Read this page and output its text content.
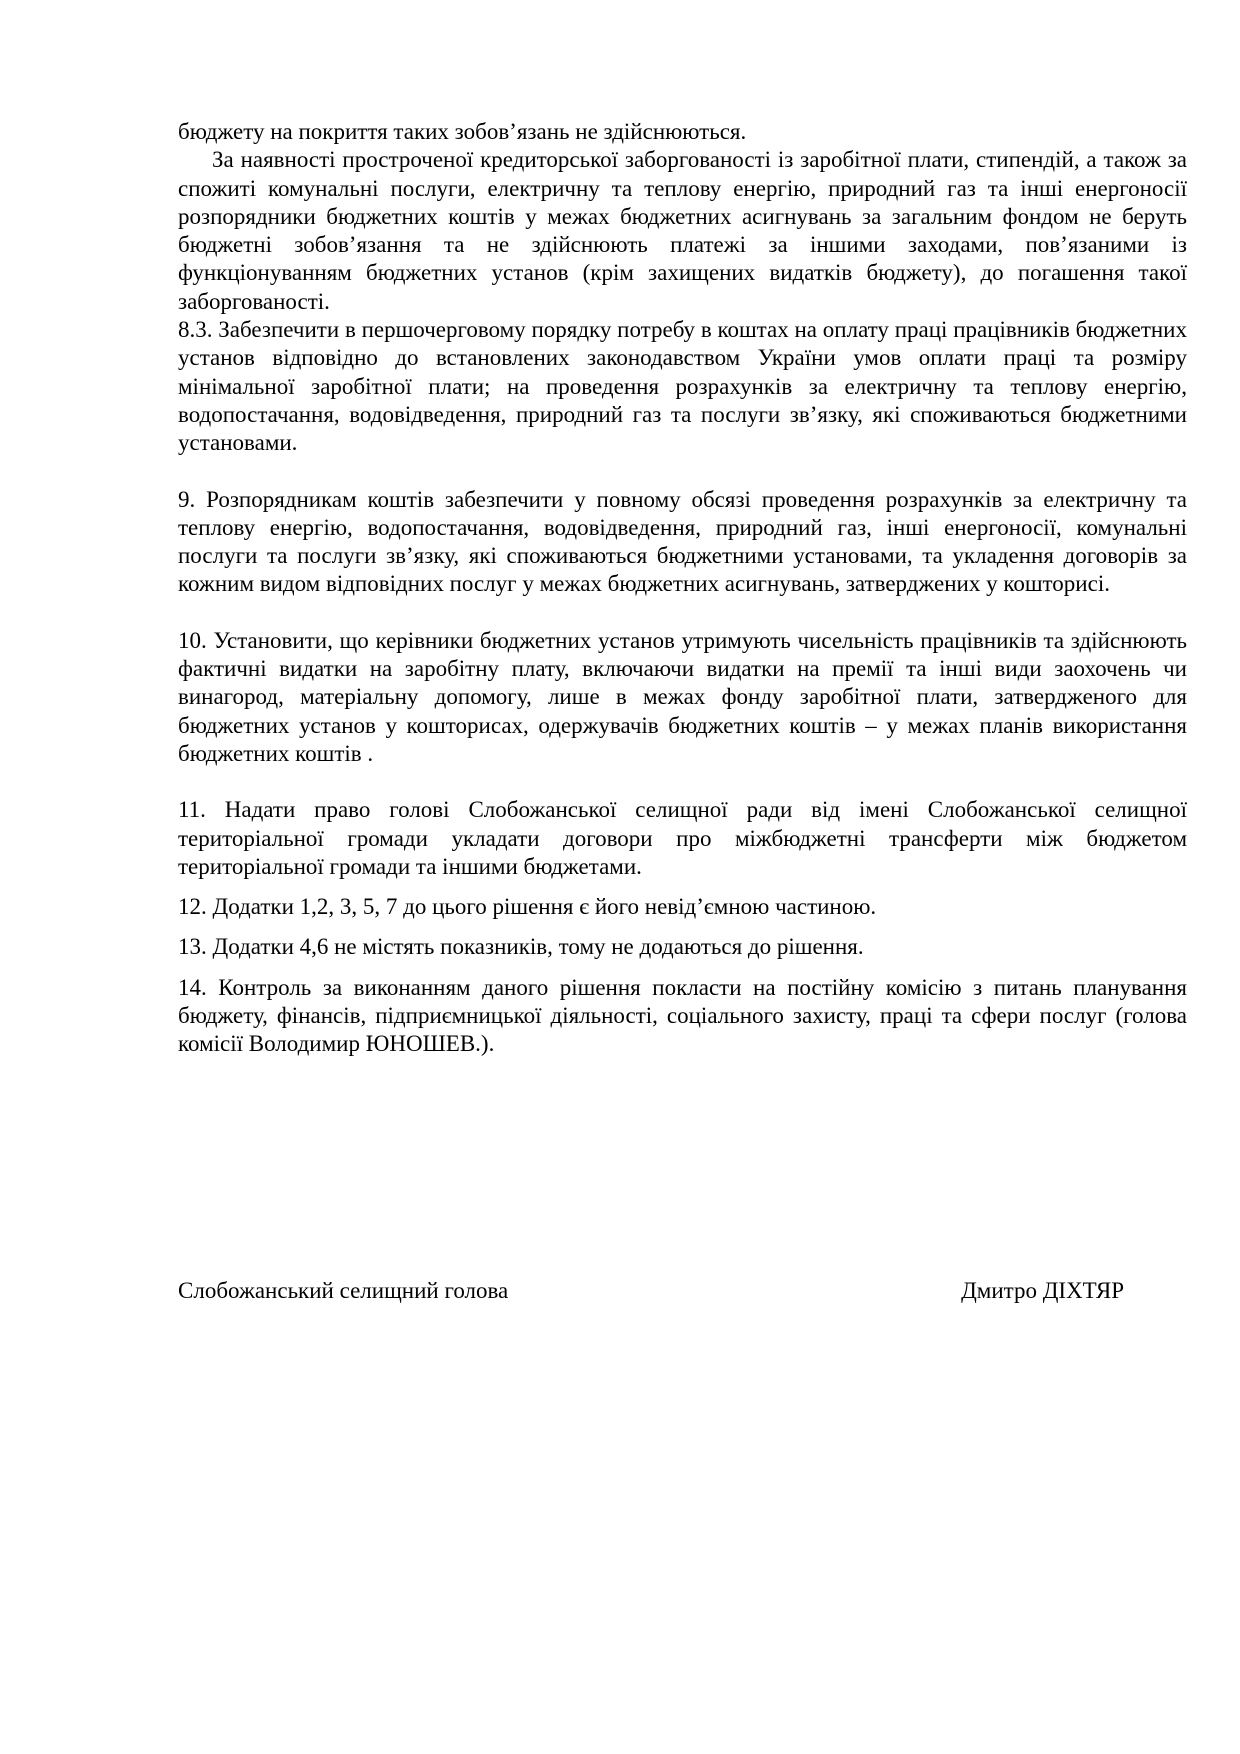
бюджету на покриття таких зобов’язань не здійснюються.

За наявності простроченої кредиторської заборгованості із заробітної плати, стипендій, а також за спожиті комунальні послуги, електричну та теплову енергію, природний газ та інші енергоносії розпорядники бюджетних коштів у межах бюджетних асигнувань за загальним фондом не беруть бюджетні зобов’язання та не здійснюють платежі за іншими заходами, пов’язаними із функціонуванням бюджетних установ (крім захищених видатків бюджету), до погашення такої заборгованості.

8.3. Забезпечити в першочерговому порядку потребу в коштах на оплату праці працівників бюджетних установ відповідно до встановлених законодавством України умов оплати праці та розміру мінімальної заробітної плати; на проведення розрахунків за електричну та теплову енергію, водопостачання, водовідведення, природний газ та послуги зв’язку, які споживаються бюджетними установами.

9. Розпорядникам коштів забезпечити у повному обсязі проведення розрахунків за електричну та теплову енергію, водопостачання, водовідведення, природний газ, інші енергоносії, комунальні послуги та послуги зв’язку, які споживаються бюджетними установами, та укладення договорів за кожним видом відповідних послуг у межах бюджетних асигнувань, затверджених у кошторисі.

10. Установити, що керівники бюджетних установ утримують чисельність працівників та здійснюють фактичні видатки на заробітну плату, включаючи видатки на премії та інші види заохочень чи винагород, матеріальну допомогу, лише в межах фонду заробітної плати, затвердженого для бюджетних установ у кошторисах, одержувачів бюджетних коштів – у межах планів використання бюджетних коштів .

11. Надати право голові Слобожанської селищної ради від імені Слобожанської селищної територіальної громади укладати договори про міжбюджетні трансферти між бюджетом територіальної громади та іншими бюджетами.

12. Додатки 1,2, 3, 5, 7 до цього рішення є його невід’ємною частиною.

13. Додатки 4,6 не містять показників, тому не додаються до рішення.

14. Контроль за виконанням даного рішення покласти на постійну комісію з питань планування бюджету, фінансів, підприємницької діяльності, соціального захисту, праці та сфери послуг (голова комісії Володимир ЮНОШЕВ.).

Слобожанський селищний голова	Дмитро ДІХТЯР
